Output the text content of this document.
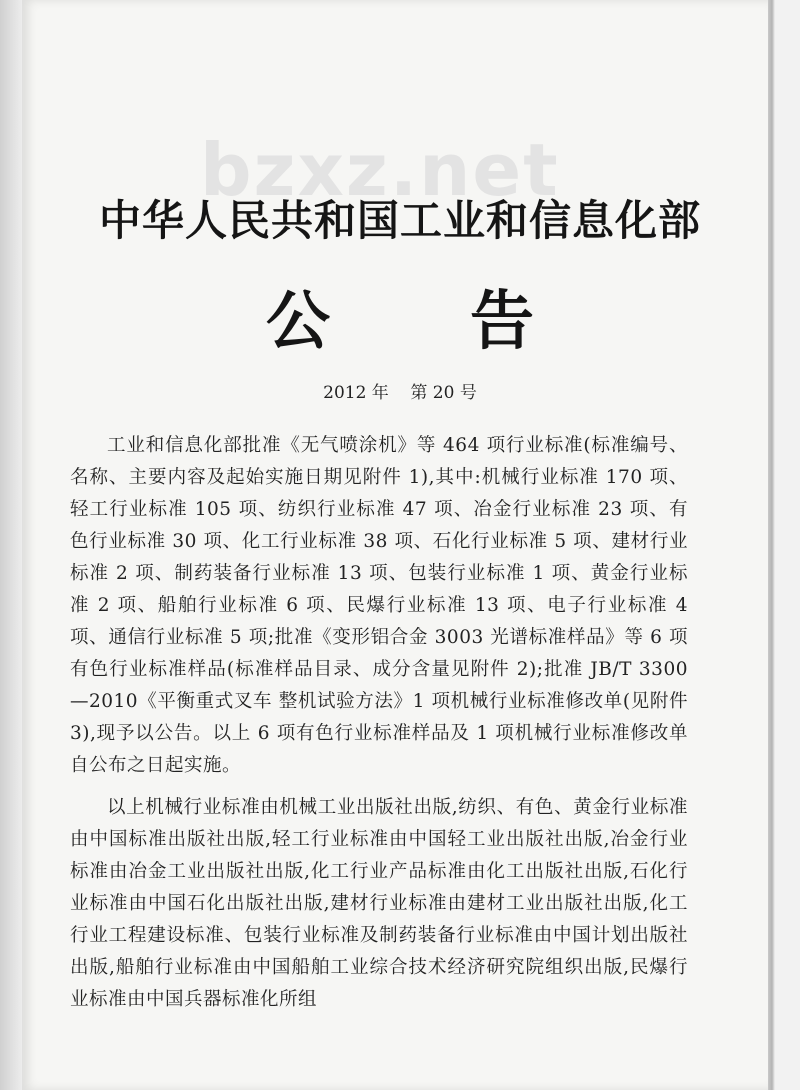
bzxz.net
中华人民共和国工业和信息化部
公告
2012 年    第 20 号

工业和信息化部批准《无气喷涂机》等 464 项行业标准(标准编号、名称、主要内容及起始实施日期见附件 1),其中:机械行业标准 170 项、轻工行业标准 105 项、纺织行业标准 47 项、冶金行业标准 23 项、有色行业标准 30 项、化工行业标准 38 项、石化行业标准 5 项、建材行业标准 2 项、制药装备行业标准 13 项、包装行业标准 1 项、黄金行业标准 2 项、船舶行业标准 6 项、民爆行业标准 13 项、电子行业标准 4 项、通信行业标准 5 项;批准《变形铝合金 3003 光谱标准样品》等 6 项有色行业标准样品(标准样品目录、成分含量见附件 2);批准 JB/T 3300—2010《平衡重式叉车 整机试验方法》1 项机械行业标准修改单(见附件 3),现予以公告。以上 6 项有色行业标准样品及 1 项机械行业标准修改单自公布之日起实施。

以上机械行业标准由机械工业出版社出版,纺织、有色、黄金行业标准由中国标准出版社出版,轻工行业标准由中国轻工业出版社出版,冶金行业标准由冶金工业出版社出版,化工行业产品标准由化工出版社出版,石化行业标准由中国石化出版社出版,建材行业标准由建材工业出版社出版,化工行业工程建设标准、包装行业标准及制药装备行业标准由中国计划出版社出版,船舶行业标准由中国船舶工业综合技术经济研究院组织出版,民爆行业标准由中国兵器标准化所组
